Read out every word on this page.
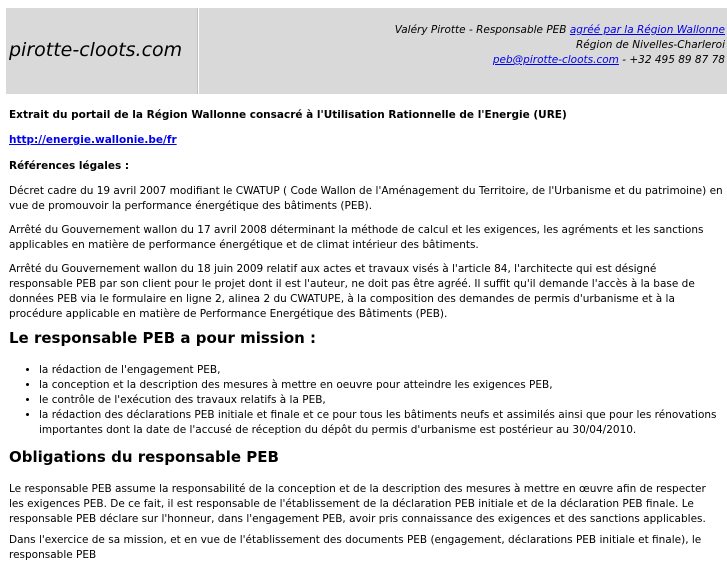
pirotte-cloots.com
Valéry Pirotte - Responsable PEB agréé par la Région Wallonne
Région de Nivelles-Charleroi
peb@pirotte-cloots.com - +32 495 89 87 78

Extrait du portail de la Région Wallonne consacré à l'Utilisation Rationnelle de l'Energie (URE)

http://energie.wallonie.be/fr

Références légales :

Décret cadre du 19 avril 2007 modifiant le CWATUP ( Code Wallon de l'Aménagement du Territoire, de l'Urbanisme et du patrimoine) en vue de promouvoir la performance énergétique des bâtiments (PEB).

Arrêté du Gouvernement wallon du 17 avril 2008 déterminant la méthode de calcul et les exigences, les agréments et les sanctions applicables en matière de performance énergétique et de climat intérieur des bâtiments.

Arrêté du Gouvernement wallon du 18 juin 2009 relatif aux actes et travaux visés à l'article 84, l'architecte qui est désigné responsable PEB par son client pour le projet dont il est l'auteur, ne doit pas être agréé. Il suffit qu'il demande l'accès à la base de données PEB via le formulaire en ligne 2, alinea 2 du CWATUPE, à la composition des demandes de permis d'urbanisme et à la procédure applicable en matière de Performance Energétique des Bâtiments (PEB).

Le responsable PEB a pour mission :
• la rédaction de l'engagement PEB,
• la conception et la description des mesures à mettre en oeuvre pour atteindre les exigences PEB,
• le contrôle de l'exécution des travaux relatifs à la PEB,
• la rédaction des déclarations PEB initiale et finale et ce pour tous les bâtiments neufs et assimilés ainsi que pour les rénovations importantes dont la date de l'accusé de réception du dépôt du permis d'urbanisme est postérieur au 30/04/2010.
Obligations du responsable PEB

Le responsable PEB assume la responsabilité de la conception et de la description des mesures à mettre en œuvre afin de respecter les exigences PEB. De ce fait, il est responsable de l'établissement de la déclaration PEB initiale et de la déclaration PEB finale. Le responsable PEB déclare sur l'honneur, dans l'engagement PEB, avoir pris connaissance des exigences et des sanctions applicables.

Dans l'exercice de sa mission, et en vue de l'établissement des documents PEB (engagement, déclarations PEB initiale et finale), le responsable PEB
